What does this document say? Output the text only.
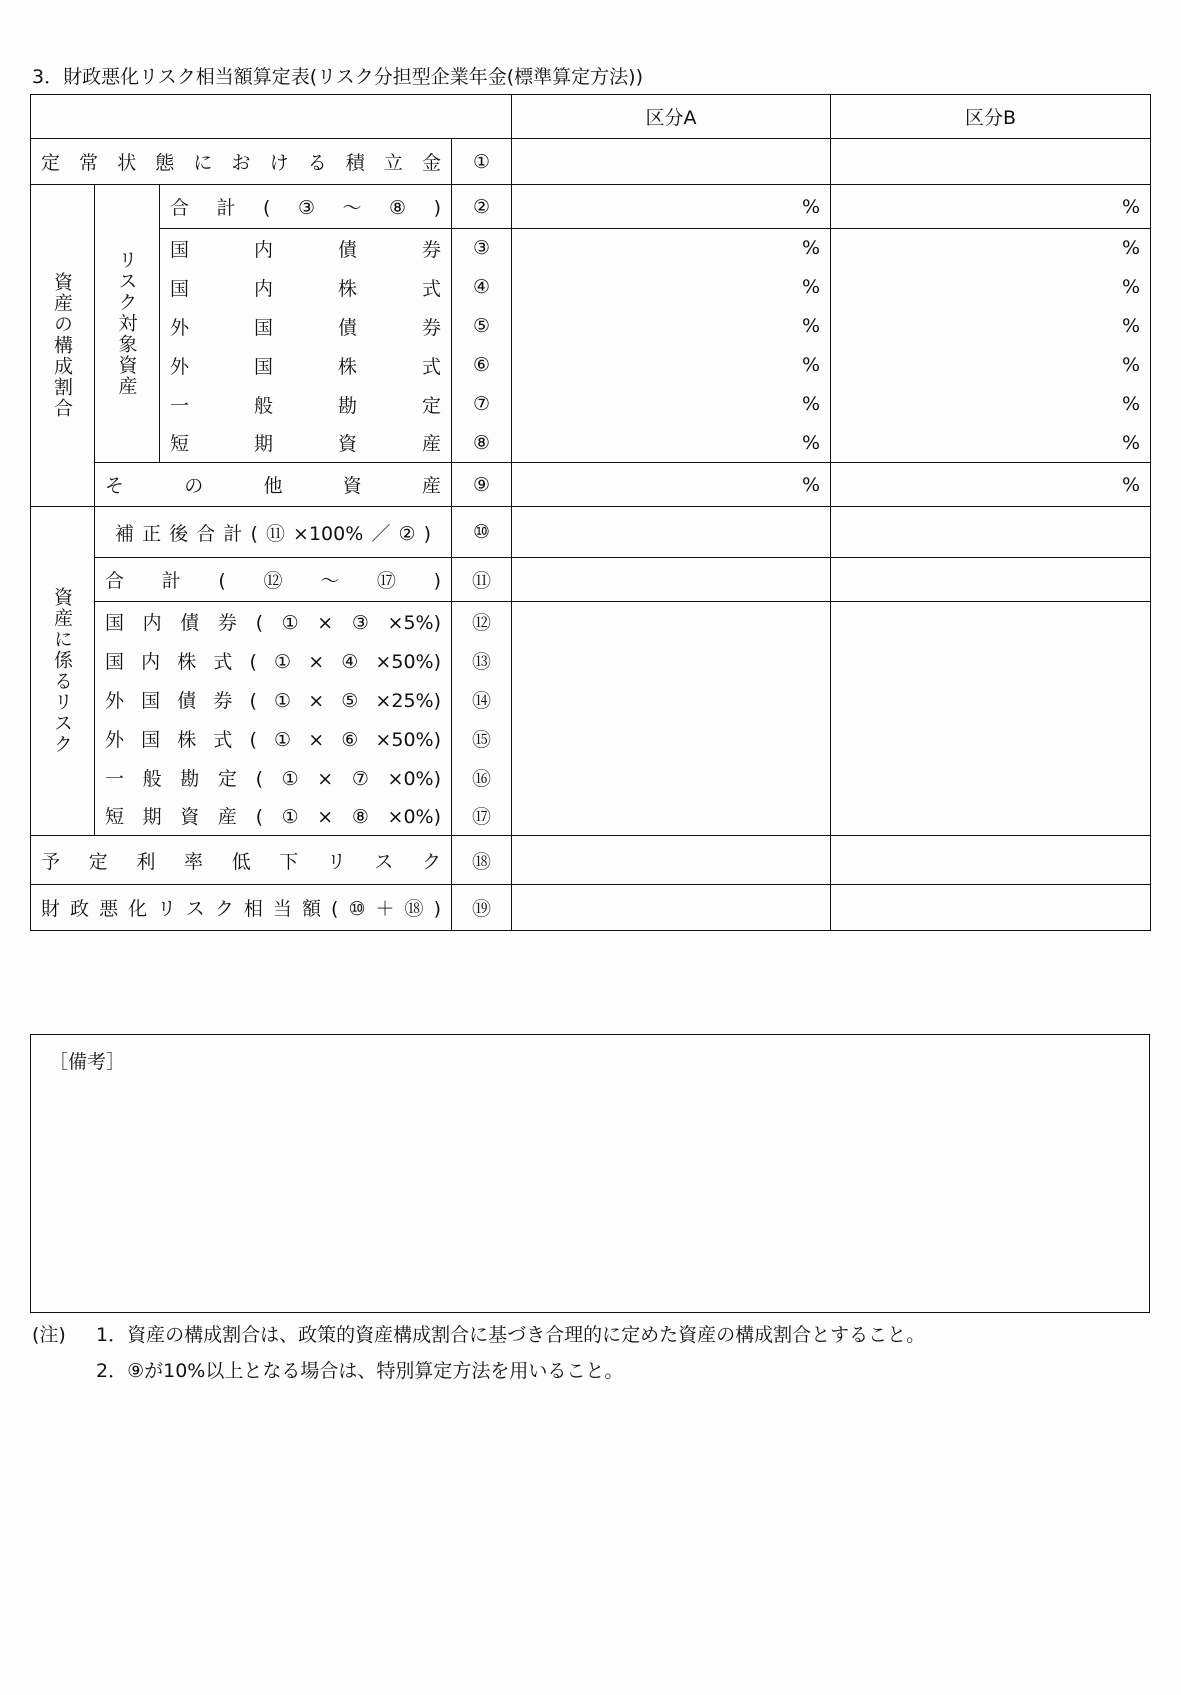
3．財政悪化リスク相当額算定表(リスク分担型企業年金(標準算定方法))
	区分A	区分B
定常状態における積立金	①		
資産の構成割合	リスク対象資産	合計(③～⑧)	②	%	%
国内債券	③	%	%
国内株式	④	%	%
外国債券	⑤	%	%
外国株式	⑥	%	%
一般勘定	⑦	%	%
短期資産	⑧	%	%
その他資産	⑨	%	%
資産に係るリスク	補正後合計(⑪×100%／②)	⑩		
合計(⑫～⑰)	⑪		
国内債券(①×③×5%)	⑫		
国内株式(①×④×50%)	⑬		
外国債券(①×⑤×25%)	⑭		
外国株式(①×⑥×50%)	⑮		
一般勘定(①×⑦×0%)	⑯		
短期資産(①×⑧×0%)	⑰		
予定利率低下リスク	⑱		
財政悪化リスク相当額(⑩＋⑱)	⑲		
［備考］
(注) 1．資産の構成割合は、政策的資産構成割合に基づき合理的に定めた資産の構成割合とすること。
2．⑨が10%以上となる場合は、特別算定方法を用いること。
